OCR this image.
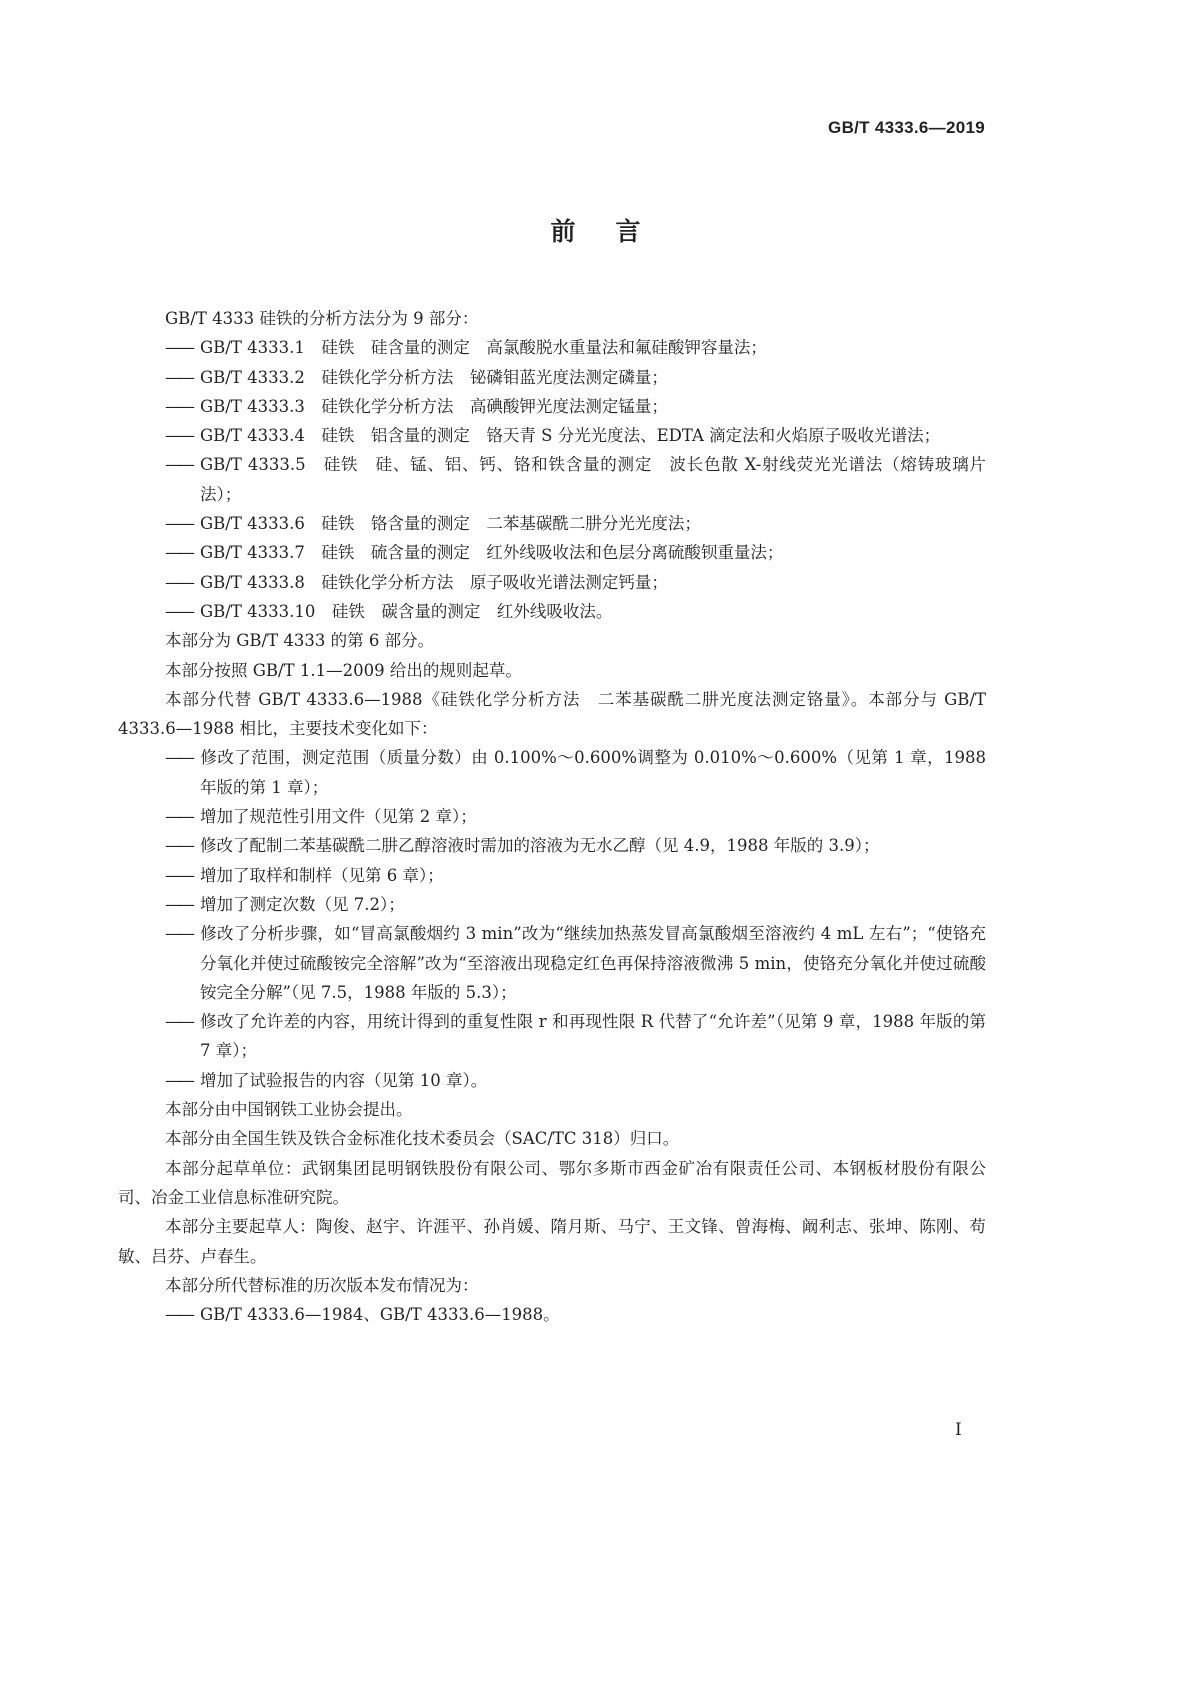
GB/T 4333.6—2019
前言

GB/T 4333 硅铁的分析方法分为 9 部分：

—— GB/T 4333.1　硅铁　硅含量的测定　高氯酸脱水重量法和氟硅酸钾容量法；

—— GB/T 4333.2　硅铁化学分析方法　铋磷钼蓝光度法测定磷量；

—— GB/T 4333.3　硅铁化学分析方法　高碘酸钾光度法测定锰量；

—— GB/T 4333.4　硅铁　铝含量的测定　铬天青 S 分光光度法、EDTA 滴定法和火焰原子吸收光谱法；

—— GB/T 4333.5　硅铁　硅、锰、铝、钙、铬和铁含量的测定　波长色散 X-射线荧光光谱法（熔铸玻璃片法）；

—— GB/T 4333.6　硅铁　铬含量的测定　二苯基碳酰二肼分光光度法；

—— GB/T 4333.7　硅铁　硫含量的测定　红外线吸收法和色层分离硫酸钡重量法；

—— GB/T 4333.8　硅铁化学分析方法　原子吸收光谱法测定钙量；

—— GB/T 4333.10　硅铁　碳含量的测定　红外线吸收法。

本部分为 GB/T 4333 的第 6 部分。

本部分按照 GB/T 1.1—2009 给出的规则起草。

本部分代替 GB/T 4333.6—1988《硅铁化学分析方法　二苯基碳酰二肼光度法测定铬量》。本部分与 GB/T 4333.6—1988 相比，主要技术变化如下：

—— 修改了范围，测定范围（质量分数）由 0.100%～0.600%调整为 0.010%～0.600%（见第 1 章，1988 年版的第 1 章）；

—— 增加了规范性引用文件（见第 2 章）；

—— 修改了配制二苯基碳酰二肼乙醇溶液时需加的溶液为无水乙醇（见 4.9，1988 年版的 3.9）；

—— 增加了取样和制样（见第 6 章）；

—— 增加了测定次数（见 7.2）；

—— 修改了分析步骤，如“冒高氯酸烟约 3 min”改为“继续加热蒸发冒高氯酸烟至溶液约 4 mL 左右”；“使铬充分氧化并使过硫酸铵完全溶解”改为“至溶液出现稳定红色再保持溶液微沸 5 min，使铬充分氧化并使过硫酸铵完全分解”（见 7.5，1988 年版的 5.3）；

—— 修改了允许差的内容，用统计得到的重复性限 r 和再现性限 R 代替了“允许差”（见第 9 章，1988 年版的第 7 章）；

—— 增加了试验报告的内容（见第 10 章）。

本部分由中国钢铁工业协会提出。

本部分由全国生铁及铁合金标准化技术委员会（SAC/TC 318）归口。

本部分起草单位：武钢集团昆明钢铁股份有限公司、鄂尔多斯市西金矿冶有限责任公司、本钢板材股份有限公司、冶金工业信息标准研究院。

本部分主要起草人：陶俊、赵宇、许涯平、孙肖媛、隋月斯、马宁、王文锋、曾海梅、阚利志、张坤、陈刚、苟敏、吕芬、卢春生。

本部分所代替标准的历次版本发布情况为：

—— GB/T 4333.6—1984、GB/T 4333.6—1988。

I
